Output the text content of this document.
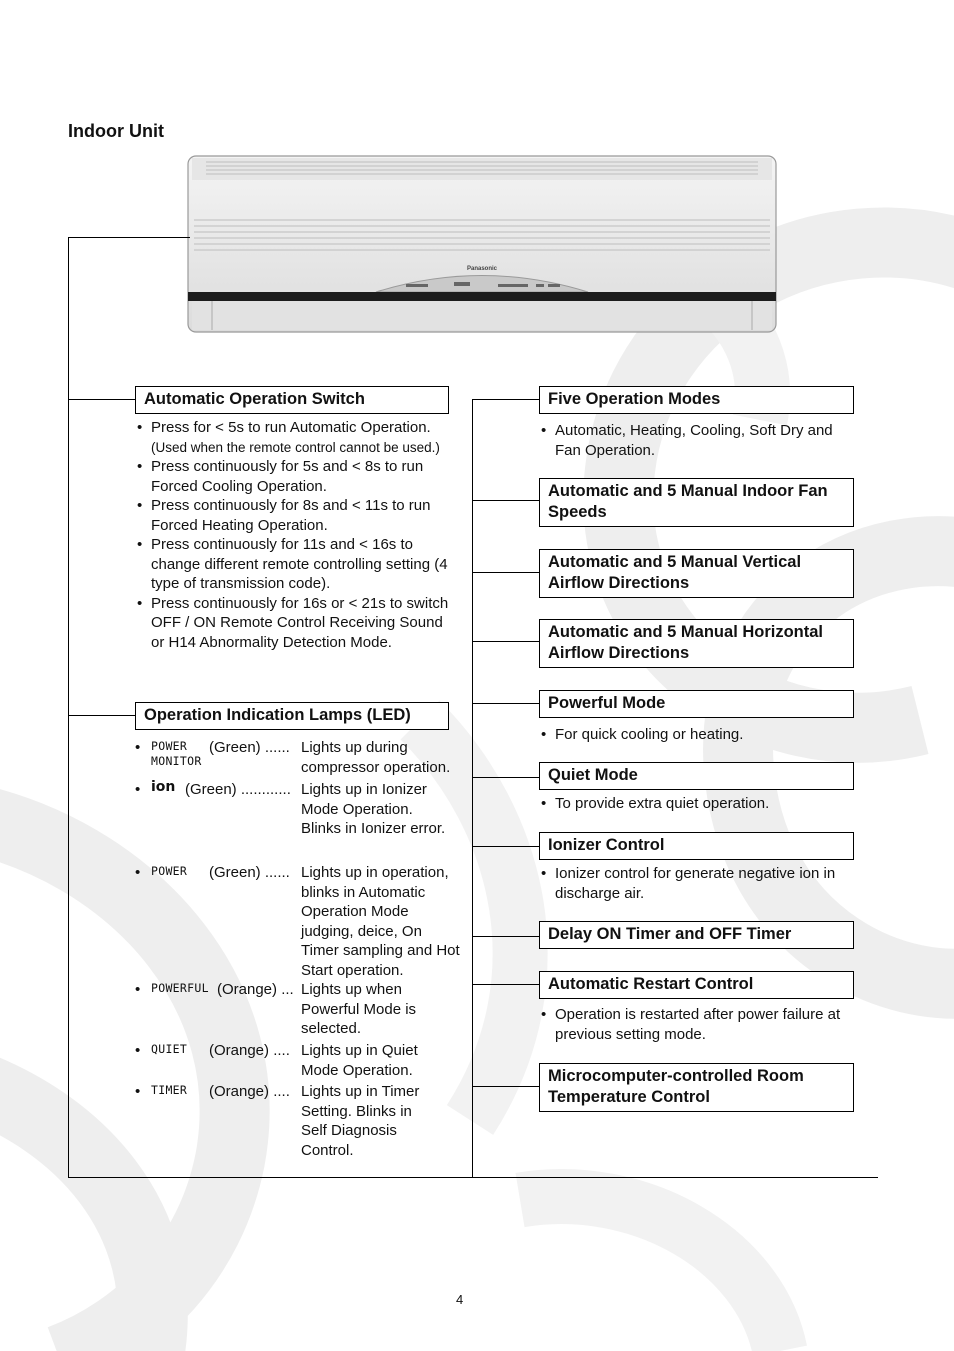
Indoor Unit
Panasonic
Automatic Operation Switch
• Press for < 5s to run Automatic Operation.
(Used when the remote control cannot be used.)
• Press continuously for 5s and < 8s to run Forced Cooling Operation.
• Press continuously for 8s and < 11s to run Forced Heating Operation.
• Press continuously for 11s and < 16s to change different remote controlling setting (4 type of transmission code).
• Press continuously for 16s or < 21s to switch OFF / ON Remote Control Receiving Sound or H14 Abnormality Detection Mode.
Operation Indication Lamps (LED)
• POWER
MONITOR
(Green) ...... Lights up during compressor operation.
• ion (Green) ............ Lights up in Ionizer Mode Operation. Blinks in Ionizer error.
• POWER (Green) ...... Lights up in operation, blinks in Automatic Operation Mode judging, deice, On Timer sampling and Hot Start operation.
• POWERFUL (Orange) ... Lights up when Powerful Mode is selected.
• QUIET (Orange) .... Lights up in Quiet Mode Operation.
• TIMER (Orange) .... Lights up in Timer Setting. Blinks in Self Diagnosis Control.
Five Operation Modes
• Automatic, Heating, Cooling, Soft Dry and Fan Operation.
Automatic and 5 Manual Indoor Fan Speeds
Automatic and 5 Manual Vertical Airflow Directions
Automatic and 5 Manual Horizontal Airflow Directions
Powerful Mode
• For quick cooling or heating.
Quiet Mode
• To provide extra quiet operation.
Ionizer Control
• Ionizer control for generate negative ion in discharge air.
Delay ON Timer and OFF Timer
Automatic Restart Control
• Operation is restarted after power failure at previous setting mode.
Microcomputer-controlled Room Temperature Control
4
